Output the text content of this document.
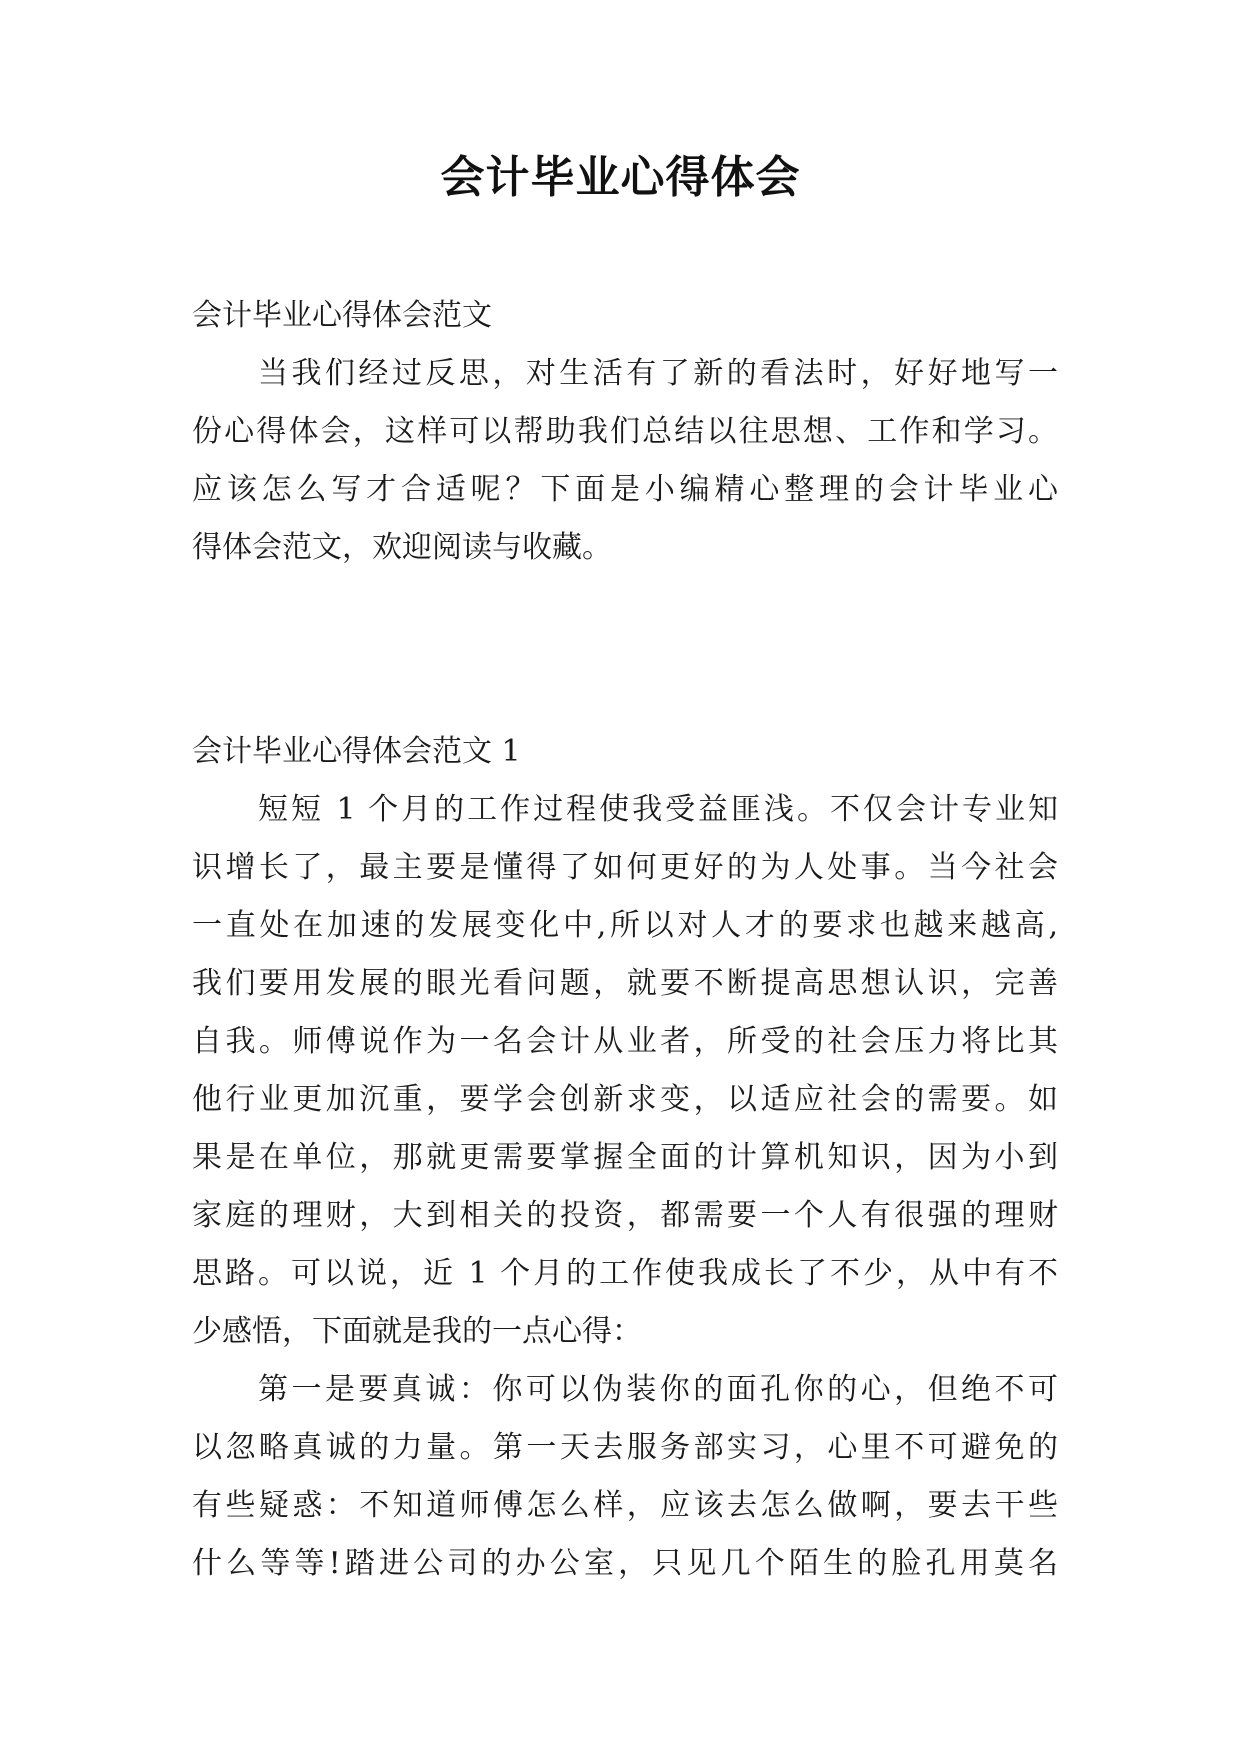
会计毕业心得体会
会计毕业心得体会范文
当我们经过反思，对生活有了新的看法时，好好地写一
份心得体会，这样可以帮助我们总结以往思想、工作和学习。
应该怎么写才合适呢？下面是小编精心整理的会计毕业心
得体会范文，欢迎阅读与收藏。
会计毕业心得体会范文 1
短短 1 个月的工作过程使我受益匪浅。不仅会计专业知
识增长了，最主要是懂得了如何更好的为人处事。当今社会
一直处在加速的发展变化中,所以对人才的要求也越来越高,
我们要用发展的眼光看问题，就要不断提高思想认识，完善
自我。师傅说作为一名会计从业者，所受的社会压力将比其
他行业更加沉重，要学会创新求变，以适应社会的需要。如
果是在单位，那就更需要掌握全面的计算机知识，因为小到
家庭的理财，大到相关的投资，都需要一个人有很强的理财
思路。可以说，近 1 个月的工作使我成长了不少，从中有不
少感悟，下面就是我的一点心得：
第一是要真诚：你可以伪装你的面孔你的心，但绝不可
以忽略真诚的力量。第一天去服务部实习，心里不可避免的
有些疑惑：不知道师傅怎么样，应该去怎么做啊，要去干些
什么等等!踏进公司的办公室，只见几个陌生的脸孔用莫名
